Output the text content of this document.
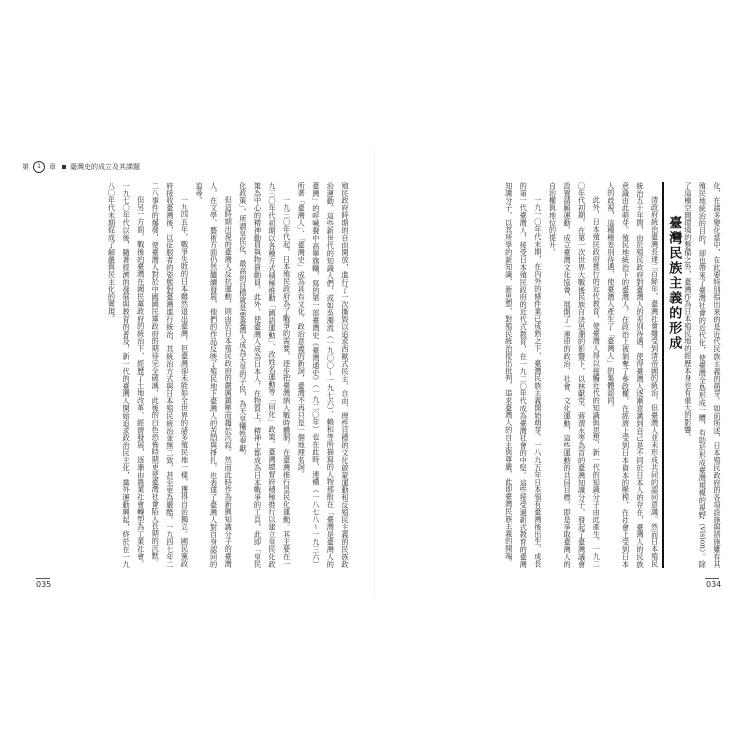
第	1	章 臺灣史的成立及其課題

殖民政府時期的自由開放，進行了一次撕毀以追求西歐式民主、自由、理性目標的文化啟蒙運動和反殖民主義的民族政治運動。這些新世代的知識人們，或如吳濁流（一九〇〇～一九七六）、賴和等所描寫的人物那般在「臺灣是臺灣人的臺灣」的呼喊聲中高舉旗幟，寫的第一部臺灣史《臺灣通史》（一九二〇年）也在此時，連橫（一八七八～一九三六）所著「臺灣人」、「臺灣史」成為具有文化、政治意義的新詞，臺灣不再只是一個地理名詞。

一九三〇年代起，日本殖民政府為了戰爭的需要，逐步把臺灣納入戰時體制，在臺灣推行皇民化運動。其主要在一九三〇年代初期以各種方式積極推動「國語運動」、改姓名運動等「同化」政策。臺灣總督府積極推行以建立皇民化政策為中心的精神動員與物資動員。此外，使臺灣人成為日本人，在物質上、精神上都成為日本戰爭的工具，此即「皇民化政策」，所謂皇民化，最高的目標就是要臺灣人成為天皇的子民，為天皇犧牲奉獻。

但這時期出現的臺灣人反抗運動，則由於日本殖民政府的嚴厲鎮壓而趨於沉寂。然而此時作為新興知識分子的臺灣人，在文學、藝術方面仍然繼續發展，他們的作品反映了殖民地下臺灣人的苦悶與掙扎，也表達了臺灣人對自身認同的追尋。

一九四五年，戰爭失敗的日本雖然退出臺灣，但臺灣卻未能如全世界的諸多殖民地一樣，獲得自治獨立。國民黨政府接收臺灣後，以征服者的姿態對臺灣進行統治，其統治方式與日本殖民統治並無二致，甚至更為嚴酷。一九四七年二二八事件的爆發，使臺灣人對於中國國民黨政府的期待完全破滅，此後的白色恐怖時期更使臺灣社會陷入長期的沉默。

但另一方面，戰後的臺灣在國民黨政府的統治下，經歷了土地改革、經濟發展，逐漸由農業社會轉型為工業社會。一九七〇年代以後，隨著經濟的發展與教育的普及，新一代的臺灣人開始追求政治民主化，黨外運動興起，終於在一九八〇年代末期促成了解嚴與民主化的實現。	化，在諸多變化當中，在此要特別指出來的是近代民族主義的萌芽。如前所述，日本殖民政府的各項設施與措施雖有其殖民地統治的目的，卻也帶來了臺灣社會的近代化，使臺灣全島形成一體，有助於形成臺灣規模的視野（vision）。除了這種空間環境的整備之外，臺灣作為日本殖民地的經歷本身也有重大的影響。

臺灣民族主義的形成

清政府統治臺灣長達二百餘年，臺灣社會雖受到清帝國的統治，但臺灣人並未形成共同的認同意識。然而日本殖民統治五十年間，由於殖民政府對臺灣人的差別待遇，使得臺灣人逐漸意識到自己是不同於日本人的存在，臺灣人的民族意識由此萌芽。殖民地統治下的臺灣人，在政治上被剝奪了參政權，在經濟上受到日本資本的壓榨，在社會上受到日本人的歧視，這種種差別待遇，使臺灣人產生了「臺灣人」的集體認同。

此外，日本殖民政府推行的近代教育，使臺灣人得以接觸近代的知識與思想，新一代的知識分子由此產生。一九二〇年代初期，在第一次世界大戰後民族自決思潮的影響下，以林獻堂、蔣渭水等為首的臺灣知識分子，發起了臺灣議會設置請願運動、成立臺灣文化協會，展開了一連串的政治、社會、文化運動，這些運動的共同目標，即是爭取臺灣人的自治權與地位的提升。

一九一〇年代末期，在內外的條件業已成熟之下，臺灣民族主義開始萌芽。一八九五年日本領有臺灣後出生、成長的第一代臺灣人，接受日本殖民政府的近代式教育，在一九二〇年代成為臺灣社會的中堅。這些接受過新式教育的臺灣知識分子，以其所學的新知識、新思想，對殖民統治提出批判，追求臺灣人的自主與尊嚴，此即臺灣民族主義的開端。

035	034
